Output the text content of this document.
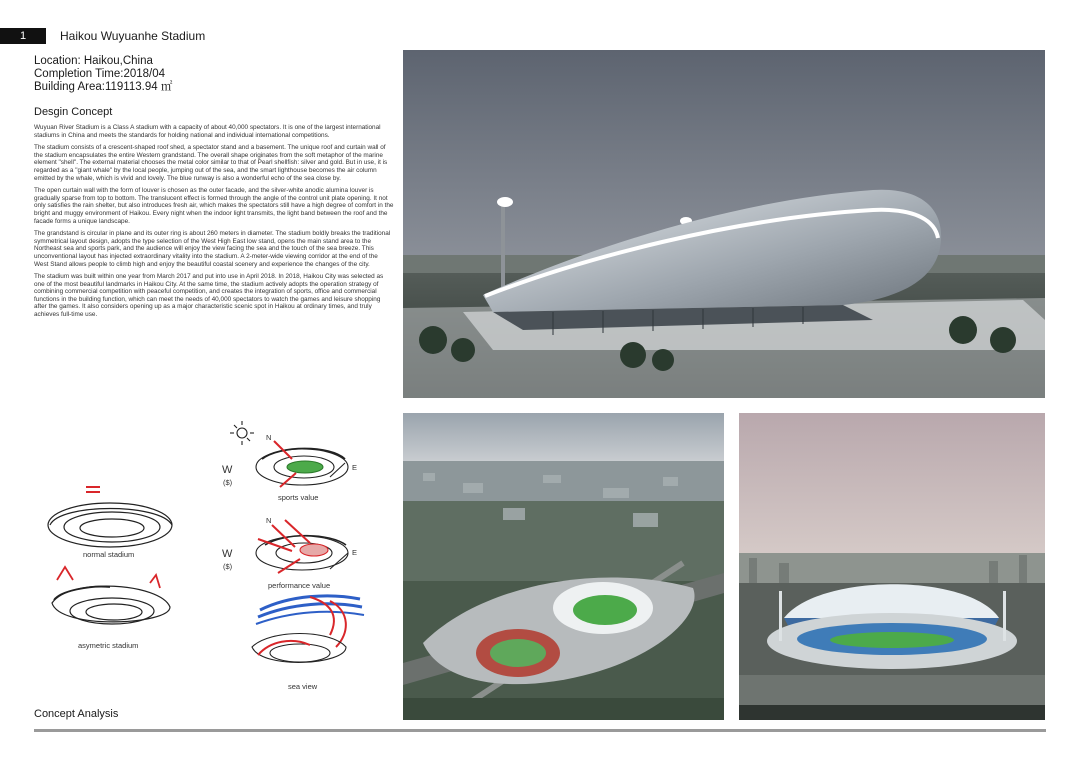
1	Haikou Wuyuanhe Stadium
Location: Haikou,China
Completion Time:2018/04
Building Area:119113.94 ㎡
Desgin Concept

Wuyuan River Stadium is a Class A stadium with a capacity of about 40,000 spectators. It is one of the largest international stadiums in China and meets the standards for holding national and individual international competitions.

The stadium consists of a crescent-shaped roof shed, a spectator stand and a basement. The unique roof and curtain wall of the stadium encapsulates the entire Western grandstand. The overall shape originates from the soft metaphor of the marine element "shell". The external material chooses the metal color similar to that of Pearl shellfish: silver and gold. But in use, it is regarded as a "giant whale" by the local people, jumping out of the sea, and the smart lighthouse becomes the air column emitted by the whale, which is vivid and lovely. The blue runway is also a wonderful echo of the sea close by.

The open curtain wall with the form of louver is chosen as the outer facade, and the silver-white anodic alumina louver is gradually sparse from top to bottom. The translucent effect is formed through the angle of the control unit plate opening. It not only satisfies the rain shelter, but also introduces fresh air, which makes the spectators still have a high degree of comfort in the bright and muggy environment of Haikou. Every night when the indoor light transmits, the light band between the roof and the facade forms a unique landscape.

The grandstand is circular in plane and its outer ring is about 260 meters in diameter. The stadium boldly breaks the traditional symmetrical layout design, adopts the type selection of the West High East low stand, opens the main stand area to the Northeast sea and sports park, and the audience will enjoy the view facing the sea and the touch of the sea breeze. This unconventional layout has injected extraordinary vitality into the stadium. A 2-meter-wide viewing corridor at the end of the West Stand allows people to climb high and enjoy the beautiful coastal scenery and experience the changes of the city.

The stadium was built within one year from March 2017 and put into use in April 2018. In 2018, Haikou City was selected as one of the most beautiful landmarks in Haikou City. At the same time, the stadium actively adopts the operation strategy of combining commercial competition with peaceful competition, and creates the integration of sports, office and commercial functions in the building function, which can meet the needs of 40,000 spectators to watch the games and leisure shopping after the games. It also considers opening up as a major characteristic scenic spot in Haikou at ordinary times, and truly achieves full-time use.

normal stadium
asymetric stadium
N
W
($)
E
sports value
N
W
($)
E
performance value
sea view
Concept Analysis
